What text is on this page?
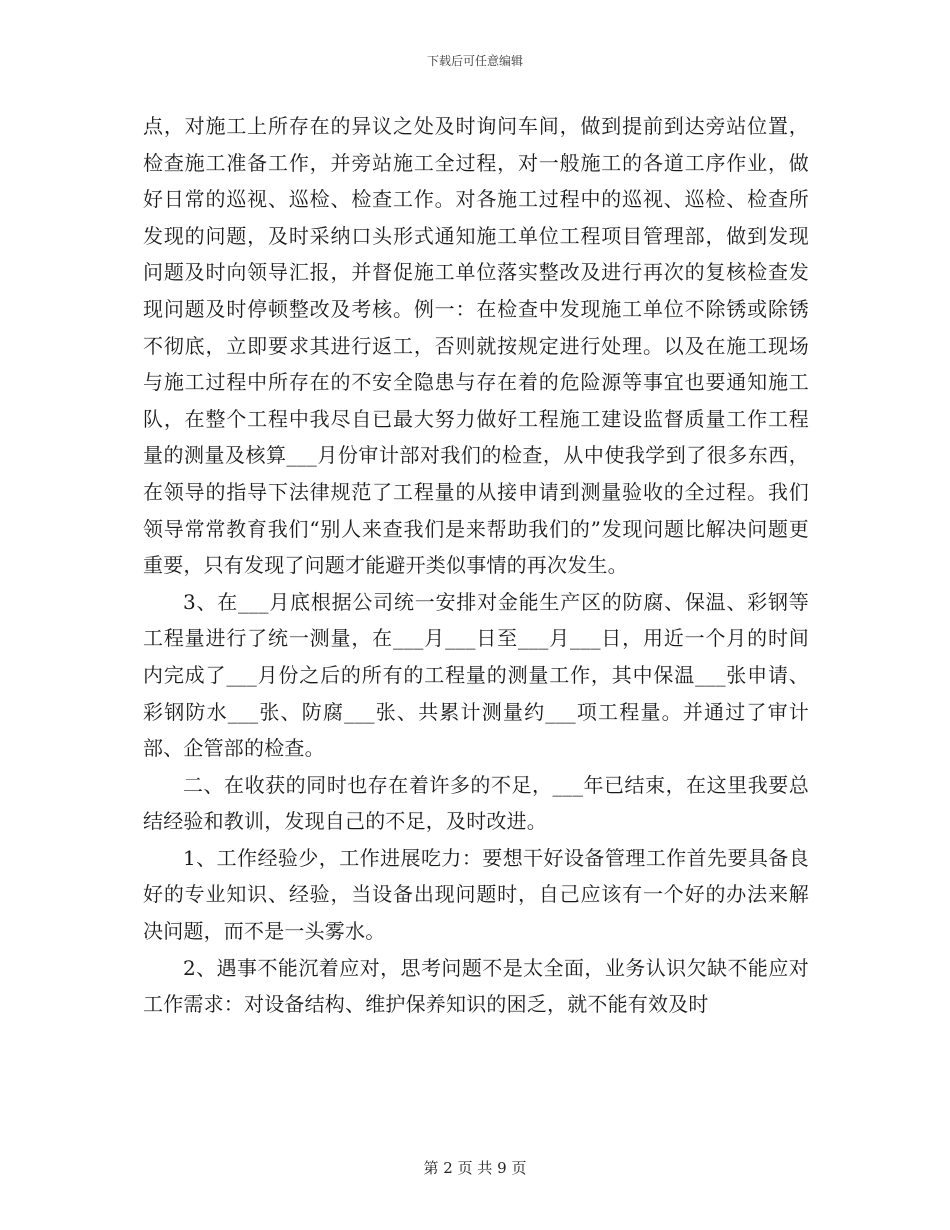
下载后可任意编辑

点，对施工上所存在的异议之处及时询问车间，做到提前到达旁站位置，检查施工准备工作，并旁站施工全过程，对一般施工的各道工序作业，做好日常的巡视、巡检、检查工作。对各施工过程中的巡视、巡检、检查所发现的问题，及时采纳口头形式通知施工单位工程项目管理部，做到发现问题及时向领导汇报，并督促施工单位落实整改及进行再次的复核检查发现问题及时停顿整改及考核。例一：在检查中发现施工单位不除锈或除锈不彻底，立即要求其进行返工，否则就按规定进行处理。以及在施工现场与施工过程中所存在的不安全隐患与存在着的危险源等事宜也要通知施工队，在整个工程中我尽自已最大努力做好工程施工建设监督质量工作工程量的测量及核算___月份审计部对我们的检查，从中使我学到了很多东西，在领导的指导下法律规范了工程量的从接申请到测量验收的全过程。我们领导常常教育我们“别人来查我们是来帮助我们的”发现问题比解决问题更重要，只有发现了问题才能避开类似事情的再次发生。

3、在___月底根据公司统一安排对金能生产区的防腐、保温、彩钢等工程量进行了统一测量，在___月___日至___月___日，用近一个月的时间内完成了___月份之后的所有的工程量的测量工作，其中保温___张申请、彩钢防水___张、防腐___张、共累计测量约___项工程量。并通过了审计部、企管部的检查。

二、在收获的同时也存在着许多的不足，___年已结束，在这里我要总结经验和教训，发现自己的不足，及时改进。

1、工作经验少，工作进展吃力：要想干好设备管理工作首先要具备良好的专业知识、经验，当设备出现问题时，自己应该有一个好的办法来解决问题，而不是一头雾水。

2、遇事不能沉着应对，思考问题不是太全面，业务认识欠缺不能应对工作需求：对设备结构、维护保养知识的困乏，就不能有效及时

第 2 页 共 9 页
